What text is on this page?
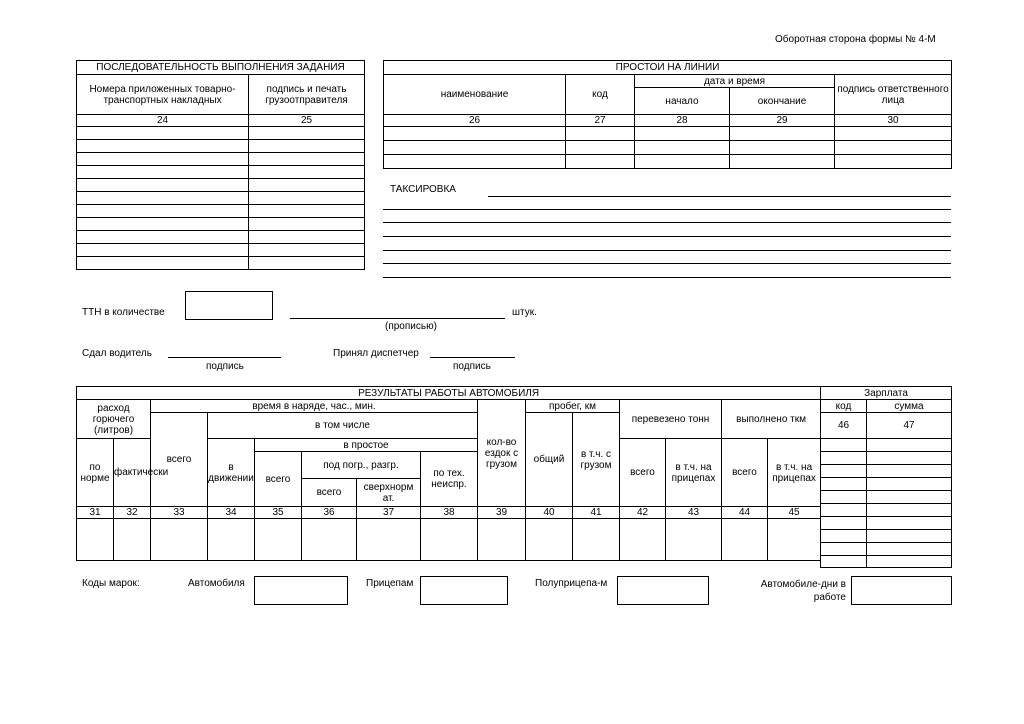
Оборотная сторона формы № 4-М
ПОСЛЕДОВАТЕЛЬНОСТЬ ВЫПОЛНЕНИЯ ЗАДАНИЯ	
Номера приложенных товарно-транспортных накладных	подпись и печать грузоотправителя
24	25

ПРОСТОИ НА ЛИНИИ				
наименование	код	дата и время		подпись ответственного лица
		начало	окончание	
26	27	28	29	30

ТАКСИРОВКА
ТТН в количестве
(прописью)
штук.
Сдал водитель
подпись
Принял диспетчер
подпись
РЕЗУЛЬТАТЫ РАБОТЫ АВТОМОБИЛЯ														
расход горючего (литров)		время в наряде, час., мин.						кол-во ездок с грузом	пробег, км		перевезено тонн		выполнено ткм	
		всего	в том числе						общий	в т.ч. с грузом				
по норме	фактически		в движении	в простое							всего	в т.ч. на прицепах	всего	в т.ч. на прицепах
				всего	под погр., разгр.		по тех. неиспр.							
					всего	сверхнорм ат.								
31	32	33	34	35	36	37	38	39	40	41	42	43	44	45

Зарплата	
код	сумма
46	47

Коды марок:	Автомобиля	Прицепам	Полуприцепа-м	Автомобиле-дни в работе
